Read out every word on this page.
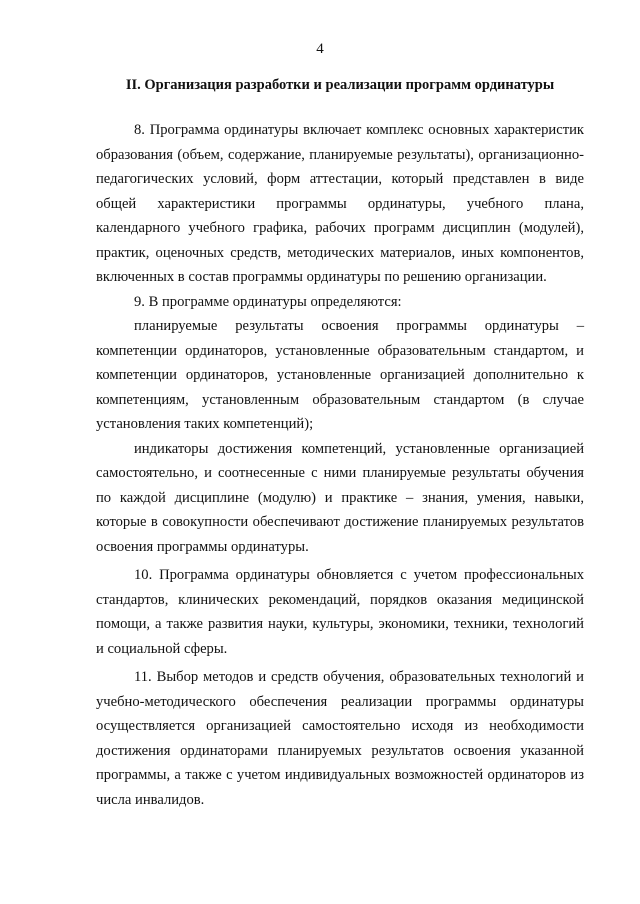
4
II. Организация разработки и реализации программ ординатуры

8. Программа ординатуры включает комплекс основных характеристик образования (объем, содержание, планируемые результаты), организационно-педагогических условий, форм аттестации, который представлен в виде общей характеристики программы ординатуры, учебного плана, календарного учебного графика, рабочих программ дисциплин (модулей), практик, оценочных средств, методических материалов, иных компонентов, включенных в состав программы ординатуры по решению организации.

9. В программе ординатуры определяются:

планируемые результаты освоения программы ординатуры – компетенции ординаторов, установленные образовательным стандартом, и компетенции ординаторов, установленные организацией дополнительно к компетенциям, установленным образовательным стандартом (в случае установления таких компетенций);

индикаторы достижения компетенций, установленные организацией самостоятельно, и соотнесенные с ними планируемые результаты обучения по каждой дисциплине (модулю) и практике – знания, умения, навыки, которые в совокупности обеспечивают достижение планируемых результатов освоения программы ординатуры.

10. Программа ординатуры обновляется с учетом профессиональных стандартов, клинических рекомендаций, порядков оказания медицинской помощи, а также развития науки, культуры, экономики, техники, технологий и социальной сферы.

11. Выбор методов и средств обучения, образовательных технологий и учебно-методического обеспечения реализации программы ординатуры осуществляется организацией самостоятельно исходя из необходимости достижения ординаторами планируемых результатов освоения указанной программы, а также с учетом индивидуальных возможностей ординаторов из числа инвалидов.
